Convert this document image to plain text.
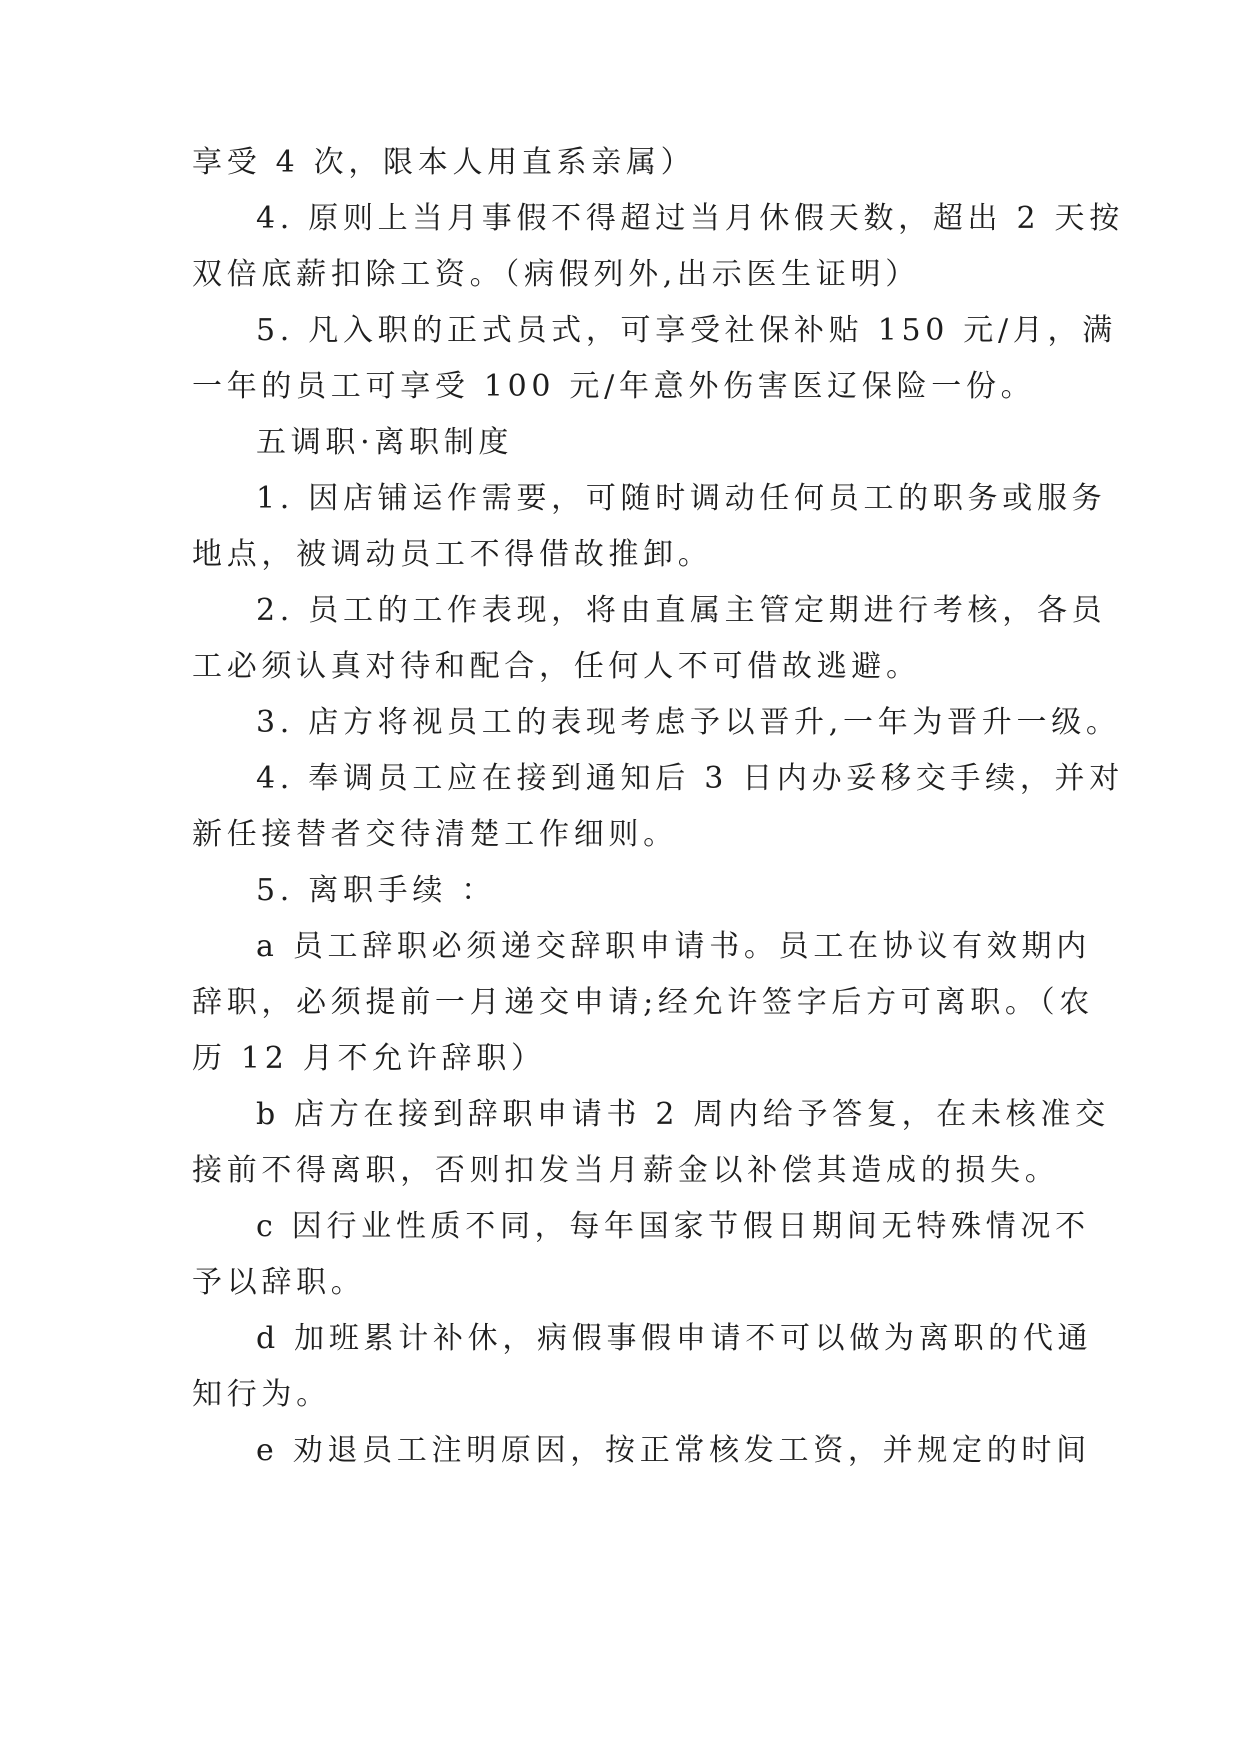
享受 4 次，限本人用直系亲属）
4. 原则上当月事假不得超过当月休假天数，超出 2 天按
双倍底薪扣除工资。（病假列外,出示医生证明）
5. 凡入职的正式员式，可享受社保补贴 150 元/月，满
一年的员工可享受 100 元/年意外伤害医辽保险一份。
五调职·离职制度
1. 因店铺运作需要，可随时调动任何员工的职务或服务
地点，被调动员工不得借故推卸。
2. 员工的工作表现，将由直属主管定期进行考核，各员
工必须认真对待和配合，任何人不可借故逃避。
3. 店方将视员工的表现考虑予以晋升,一年为晋升一级。
4. 奉调员工应在接到通知后 3 日内办妥移交手续，并对
新任接替者交待清楚工作细则。
5. 离职手续 ：
a 员工辞职必须递交辞职申请书。员工在协议有效期内
辞职，必须提前一月递交申请;经允许签字后方可离职。（农
历 12 月不允许辞职）
b 店方在接到辞职申请书 2 周内给予答复，在未核准交
接前不得离职，否则扣发当月薪金以补偿其造成的损失。
c 因行业性质不同，每年国家节假日期间无特殊情况不
予以辞职。
d 加班累计补休，病假事假申请不可以做为离职的代通
知行为。
e 劝退员工注明原因，按正常核发工资，并规定的时间
